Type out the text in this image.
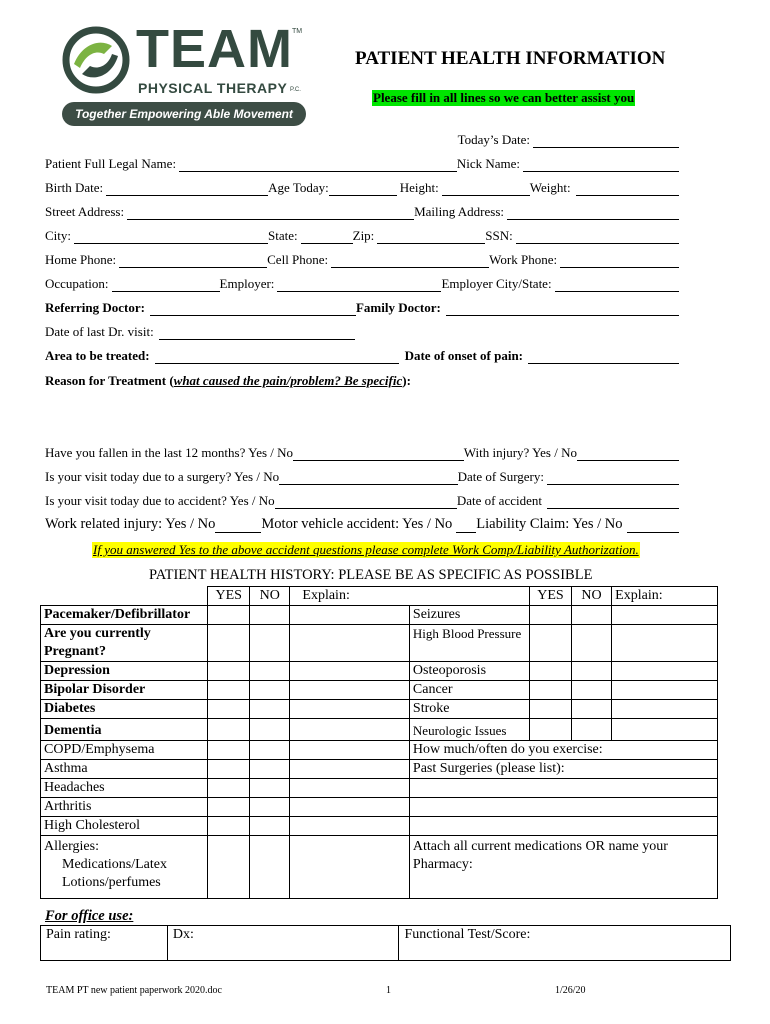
TEAM TM
PHYSICAL THERAPY P.C.
Together Empowering Able Movement
PATIENT HEALTH INFORMATION
Please fill in all lines so we can better assist you
Today’s Date:
Patient Full Legal Name:	Nick Name:
Birth Date:	Age Today:	Height:	Weight:
Street Address:	Mailing Address:
City:	State:	Zip:	SSN:
Home Phone:	Cell Phone:	Work Phone:
Occupation:	Employer:	Employer City/State:
Referring Doctor:	Family Doctor:
Date of last Dr. visit:
Area to be treated:	Date of onset of pain:
Reason for Treatment ( what caused the pain/problem? Be specific ):
Have you fallen in the last 12 months? Yes / No	With injury? Yes / No
Is your visit today due to a surgery? Yes / No	Date of Surgery:
Is your visit today due to accident? Yes / No	Date of accident
Work related injury: Yes / No	Motor vehicle accident: Yes / No Liability Claim: Yes / No
If you answered Yes to the above accident questions please complete Work Comp/Liability Authorization.
PATIENT HEALTH HISTORY: PLEASE BE AS SPECIFIC AS POSSIBLE
	YES	NO	Explain:		YES	NO	Explain:
Pacemaker/Defibrillator				Seizures			
Are you currently Pregnant?				High Blood Pressure			
Depression				Osteoporosis			
Bipolar Disorder				Cancer			
Diabetes				Stroke			
Dementia				Neurologic Issues			
COPD/Emphysema				How much/often do you exercise:			
Asthma				Past Surgeries (please list):			
Headaches							
Arthritis							
High Cholesterol							

Allergies:
Medications/Latex
Lotions/perfumes				Attach all current medications OR name your Pharmacy:			
For office use:
Pain rating:	Dx:	Functional Test/Score:
TEAM PT new patient paperwork 2020.doc	1	1/26/20
